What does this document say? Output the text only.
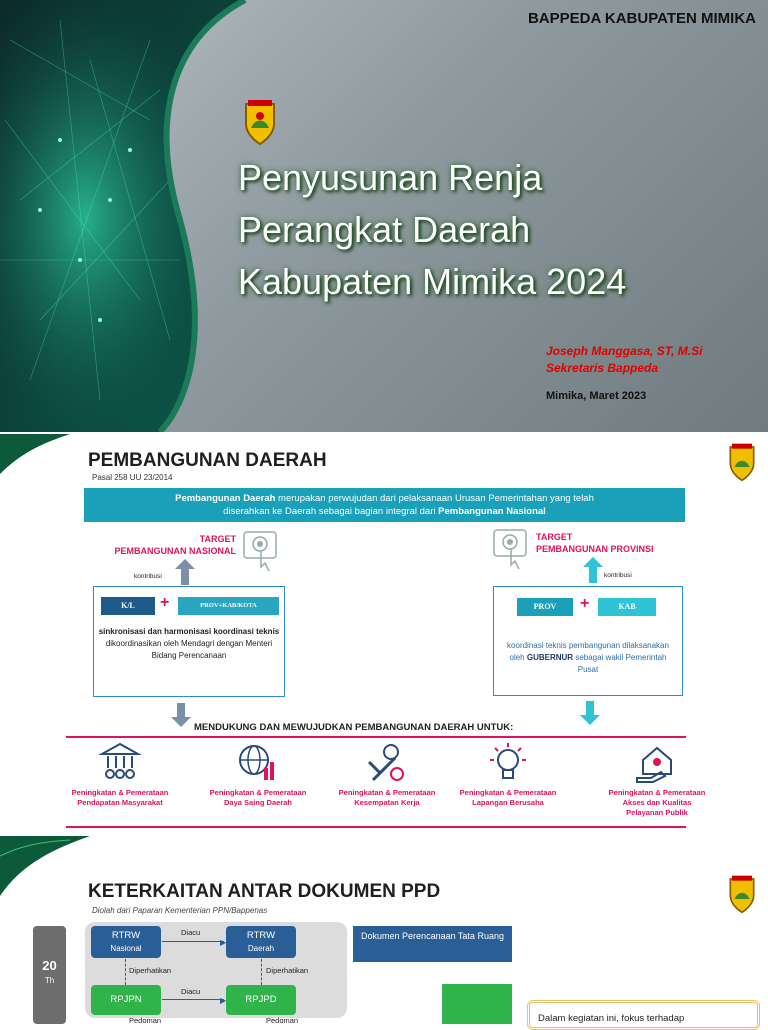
BAPPEDA KABUPATEN MIMIKA
Penyusunan Renja
Perangkat Daerah
Kabupaten Mimika 2024
Joseph Manggasa, ST, M.Si
Sekretaris Bappeda
Mimika, Maret 2023
PEMBANGUNAN DAERAH
Pasal 258 UU 23/2014
Pembangunan Daerah merupakan perwujudan dari pelaksanaan Urusan Pemerintahan yang telah
diserahkan ke Daerah sebagai bagian integral dari Pembangunan Nasional
TARGET
PEMBANGUNAN NASIONAL
kontribusi
K/L	+	PROV+KAB/KOTA
sinkronisasi dan harmonisasi koordinasi teknis dikoordinasikan oleh Mendagri dengan Menteri Bidang Perencanaan
TARGET
PEMBANGUNAN PROVINSI
kontribusi
PROV	+	KAB
koordinasi teknis pembangunan dilaksanakan oleh GUBERNUR sebagai wakil Pemerintah Pusat
MENDUKUNG DAN MEWUJUDKAN PEMBANGUNAN DAERAH UNTUK:
Peningkatan & Pemerataan
Pendapatan Masyarakat
Peningkatan & Pemerataan
Daya Saing Daerah
Peningkatan & Pemerataan
Kesempatan Kerja
Peningkatan & Pemerataan
Lapangan Berusaha
Peningkatan & Pemerataan
Akses dan Kualitas
Pelayanan Publik
KETERKAITAN ANTAR DOKUMEN PPD
Diolah dari Paparan Kementerian PPN/Bappenas
20
Th
RTRW
Nasional
RTRW
Daerah
Diacu
▶
Diperhatikan	Diperhatikan
RPJPN	RPJPD
Diacu
▶
Pedoman	Pedoman
Dokumen Perencanaan Tata Ruang
Dalam kegiatan ini, fokus terhadap
